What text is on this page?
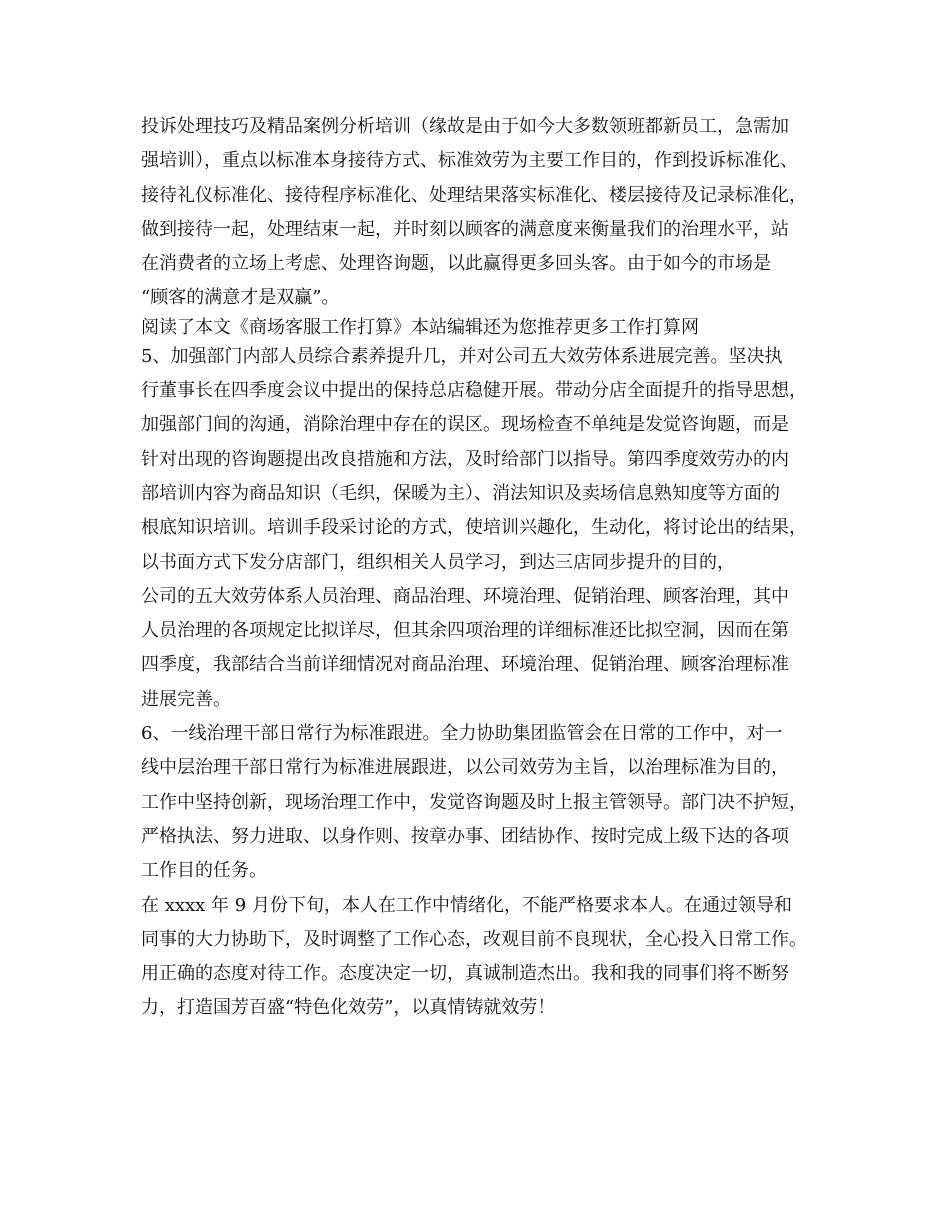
投诉处理技巧及精品案例分析培训（缘故是由于如今大多数领班都新员工，急需加
强培训），重点以标准本身接待方式、标准效劳为主要工作目的，作到投诉标准化、
接待礼仪标准化、接待程序标准化、处理结果落实标准化、楼层接待及记录标准化，
做到接待一起，处理结束一起，并时刻以顾客的满意度来衡量我们的治理水平，站
在消费者的立场上考虑、处理咨询题，以此赢得更多回头客。由于如今的市场是
“顾客的满意才是双赢”。
阅读了本文《商场客服工作打算》本站编辑还为您推荐更多工作打算网
5、加强部门内部人员综合素养提升几，并对公司五大效劳体系进展完善。坚决执
行董事长在四季度会议中提出的保持总店稳健开展。带动分店全面提升的指导思想，
加强部门间的沟通，消除治理中存在的误区。现场检查不单纯是发觉咨询题，而是
针对出现的咨询题提出改良措施和方法，及时给部门以指导。第四季度效劳办的内
部培训内容为商品知识（毛织，保暖为主）、消法知识及卖场信息熟知度等方面的
根底知识培训。培训手段采讨论的方式，使培训兴趣化，生动化，将讨论出的结果，
以书面方式下发分店部门，组织相关人员学习，到达三店同步提升的目的，
公司的五大效劳体系人员治理、商品治理、环境治理、促销治理、顾客治理，其中
人员治理的各项规定比拟详尽，但其余四项治理的详细标准还比拟空洞，因而在第
四季度，我部结合当前详细情况对商品治理、环境治理、促销治理、顾客治理标准
进展完善。
6、一线治理干部日常行为标准跟进。全力协助集团监管会在日常的工作中，对一
线中层治理干部日常行为标准进展跟进，以公司效劳为主旨，以治理标准为目的，
工作中坚持创新，现场治理工作中，发觉咨询题及时上报主管领导。部门决不护短，
严格执法、努力进取、以身作则、按章办事、团结协作、按时完成上级下达的各项
工作目的任务。
在 xxxx 年 9 月份下旬，本人在工作中情绪化，不能严格要求本人。在通过领导和
同事的大力协助下，及时调整了工作心态，改观目前不良现状，全心投入日常工作。
用正确的态度对待工作。态度决定一切，真诚制造杰出。我和我的同事们将不断努
力，打造国芳百盛“特色化效劳”，以真情铸就效劳！
